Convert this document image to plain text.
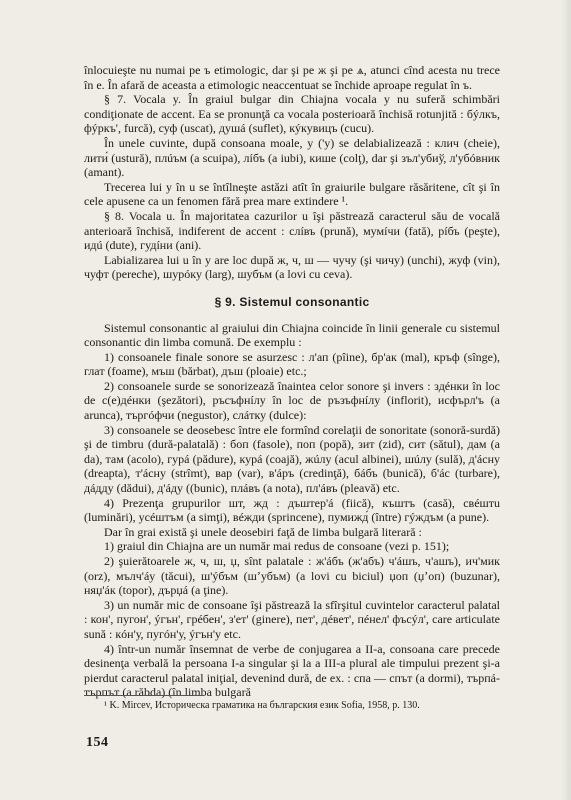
înlocuieşte nu numai pe ъ etimologic, dar şi pe ж şi pe ѧ, atunci cînd acesta nu trece în e. În afară de aceasta a etimologic neaccentuat se închide aproape regulat în ъ.

§ 7. Vocala y. În graiul bulgar din Chiajna vocala y nu suferă schimbări condiţionate de accent. Ea se pronunţă ca vocala posterioară închisă rotunjită : бýлкъ, фýркъ', furcă), суф (uscat), душá (suflet), кýкувицъ (cucu).

În unele cuvinte, după consoana moale, y ('y) se delabializează : клич (cheie), лити́ (ustură), плúъм (a scuipa), лíбъ (a iubi), кише (colţ), dar şi зъл'убиў, л'убóвник (amant).

Trecerea lui y în u se întîlneşte astăzi atît în graiurile bulgare răsăritene, cît şi în cele apusene ca un fenomen fără prea mare extindere ¹.

§ 8. Vocala u. În majoritatea cazurilor u îşi păstrează caracterul său de vocală anterioară închisă, indiferent de accent : слíвъ (prună), мумíчи (fată), рíбъ (peşte), идú (dute), гудíни (ani).

Labializarea lui u în y are loc după ж, ч, ш — чучу (şi чичу) (unchi), жуф (vin), чуфт (pereche), шурóку (larg), шубъм (a lovi cu ceva).

§ 9. Sistemul consonantic

Sistemul consonantic al graiului din Chiajna coincide în linii generale cu sistemul consonantic din limba comună. De exemplu :

1) consoanele finale sonore se asurzesc : л'ап (pîine), бр'ак (mal), кръф (sînge), глат (foame), мъш (bărbat), дъш (ploaie) etc.;

2) consoanele surde se sonorizează înaintea celor sonore şi invers : здéнки în loc de с(е)дéнки (şezători), ръсъфнíлу în loc de ръзъфнíлу (inflorit), исфърл'ъ (a arunca), търгóфчи (negustor), слáтку (dulce):

3) consoanele se deosebesc între ele formînd corelaţii de sonoritate (sonoră-surdă) şi de timbru (dură-palatală) : боп (fasole), поп (popă), зит (zid), сит (sătul), дам (a da), там (acolo), гурá (pădure), курá (coajă), жúлу (acul albinei), шúлу (sulă), д'áсну (dreapta), т'áсну (strîmt), вар (var), в'áръ (credinţă), бáбъ (bunică), б'áс (turbare), дáдду (dădui), д'áду ((bunic), плáвъ (a nota), пл'áвъ (pleavă) etc.

4) Prezenţa grupurilor шт, жд : дъштер'á (fiică), къштъ (casă), свéштu (luminări), усéштъм (a simţi), вéжди (sprincene), пумижд́ (între) гýждъм (a pune).

Dar în grai există şi unele deosebiri faţă de limba bulgară literară :

1) graiul din Chiajna are un număr mai redus de consoane (vezi p. 151);

2) şuierătoarele ж, ч, ш, џ, sînt palatale : ж'áбъ (ж'абъ) ч'áшъ, ч'ашъ), ич'мик (orz), мълч'áу (tăcui), ш'ýбъм (шʼубъм) (a lovi cu biciul) џоп (џʼоп) (buzunar), няџ'áк (topor), дърџá (a ţine).

3) un număr mic de consoane îşi păstrează la sfîrşitul cuvintelor caracterul palatal : кон', пугон', ýгън', грéбен', з'ет' (ginere), пет', дéвет', пéнел' фъсýл', care articulate sună : кóн'у, пугóн'у, ýгън'у etc.

4) într-un număr însemnat de verbe de conjugarea a II-a, consoana care precede desinenţa verbală la persoana I-a singular şi la a III-a plural ale timpului prezent şi-a pierdut caracterul palatal iniţial, devenind dură, de ex. : спа — спът (a dormi), търпá-търпът (a răbda) (în limba bulgară

¹ K. Mircev, Историческа граматика на българския език Sofia, 1958, p. 130.
154
